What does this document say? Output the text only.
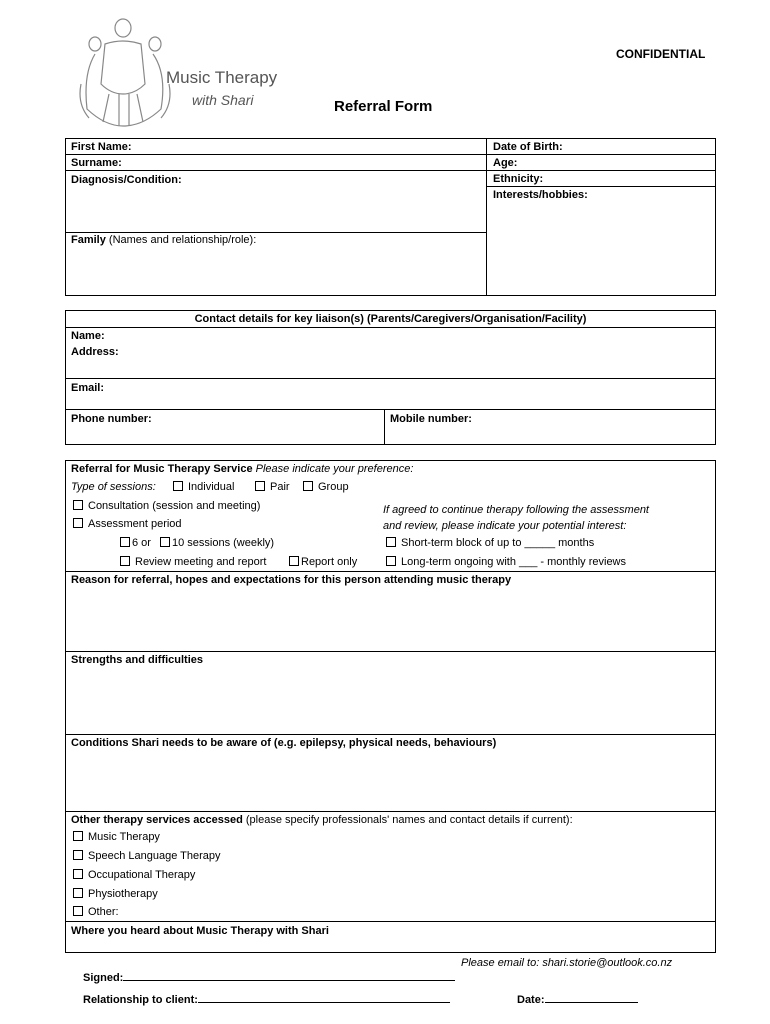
Music Therapy
with Shari
CONFIDENTIAL
Referral Form
First Name:
Surname:
Diagnosis/Condition:
Family (Names and relationship/role):
Date of Birth:
Age:
Ethnicity:
Interests/hobbies:
Contact details for key liaison(s) (Parents/Caregivers/Organisation/Facility)
Name:
Address:
Email:
Phone number:	Mobile number:
Referral for Music Therapy Service Please indicate your preference:
Type of sessions:	Individual	Pair	Group
Consultation (session and meeting)
Assessment period
6 or	10 sessions (weekly)
Review meeting and report	Report only
If agreed to continue therapy following the assessment
and review, please indicate your potential interest:
Short-term block of up to _____ months
Long-term ongoing with ___ - monthly reviews
Reason for referral, hopes and expectations for this person attending music therapy
Strengths and difficulties
Conditions Shari needs to be aware of (e.g. epilepsy, physical needs, behaviours)
Other therapy services accessed (please specify professionals' names and contact details if current):
Music Therapy
Speech Language Therapy
Occupational Therapy
Physiotherapy
Other:
Where you heard about Music Therapy with Shari
Please email to: shari.storie@outlook.co.nz
Signed:
Relationship to client:	Date:
